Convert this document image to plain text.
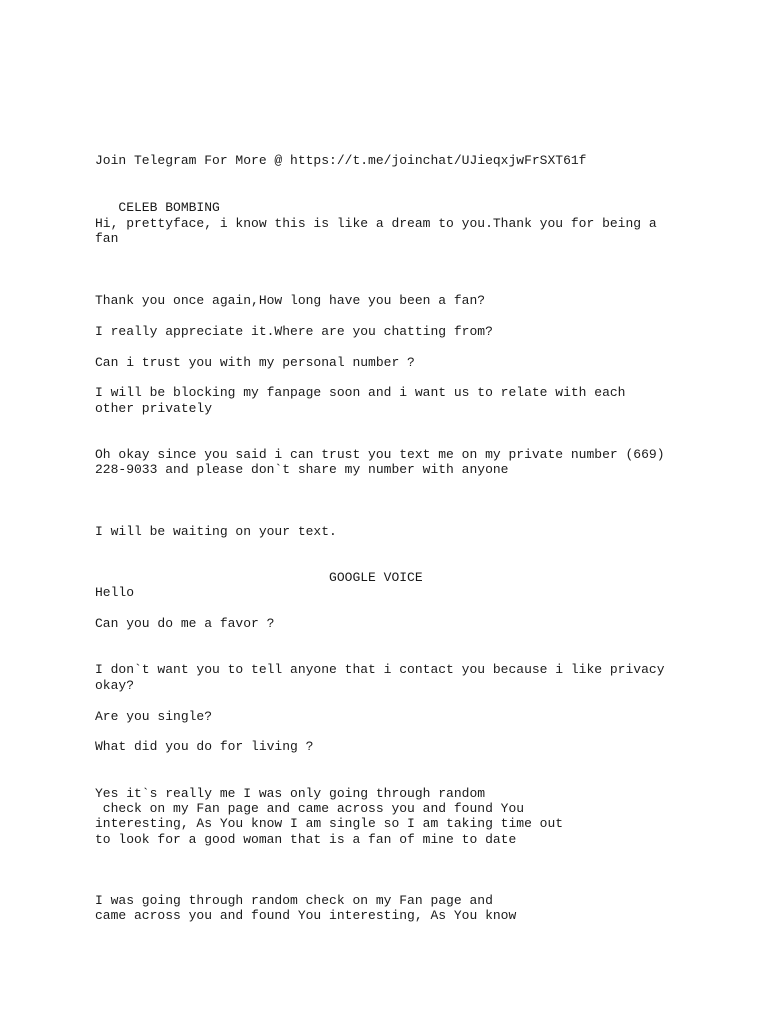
Join Telegram For More @ https://t.me/joinchat/UJieqxjwFrSXT61f

CELEB BOMBING

Hi, prettyface, i know this is like a dream to you.Thank you for being a

fan

Thank you once again,How long have you been a fan?

I really appreciate it.Where are you chatting from?

Can i trust you with my personal number ?

I will be blocking my fanpage soon and i want us to relate with each

other privately

Oh okay since you said i can trust you text me on my private number (669)

228-9033 and please don`t share my number with anyone

I will be waiting on your text.

GOOGLE VOICE

Hello

Can you do me a favor ?

I don`t want you to tell anyone that i contact you because i like privacy

okay?

Are you single?

What did you do for living ?

Yes it`s really me I was only going through random

check on my Fan page and came across you and found You

interesting, As You know I am single so I am taking time out

to look for a good woman that is a fan of mine to date

I was going through random check on my Fan page and

came across you and found You interesting, As You know
